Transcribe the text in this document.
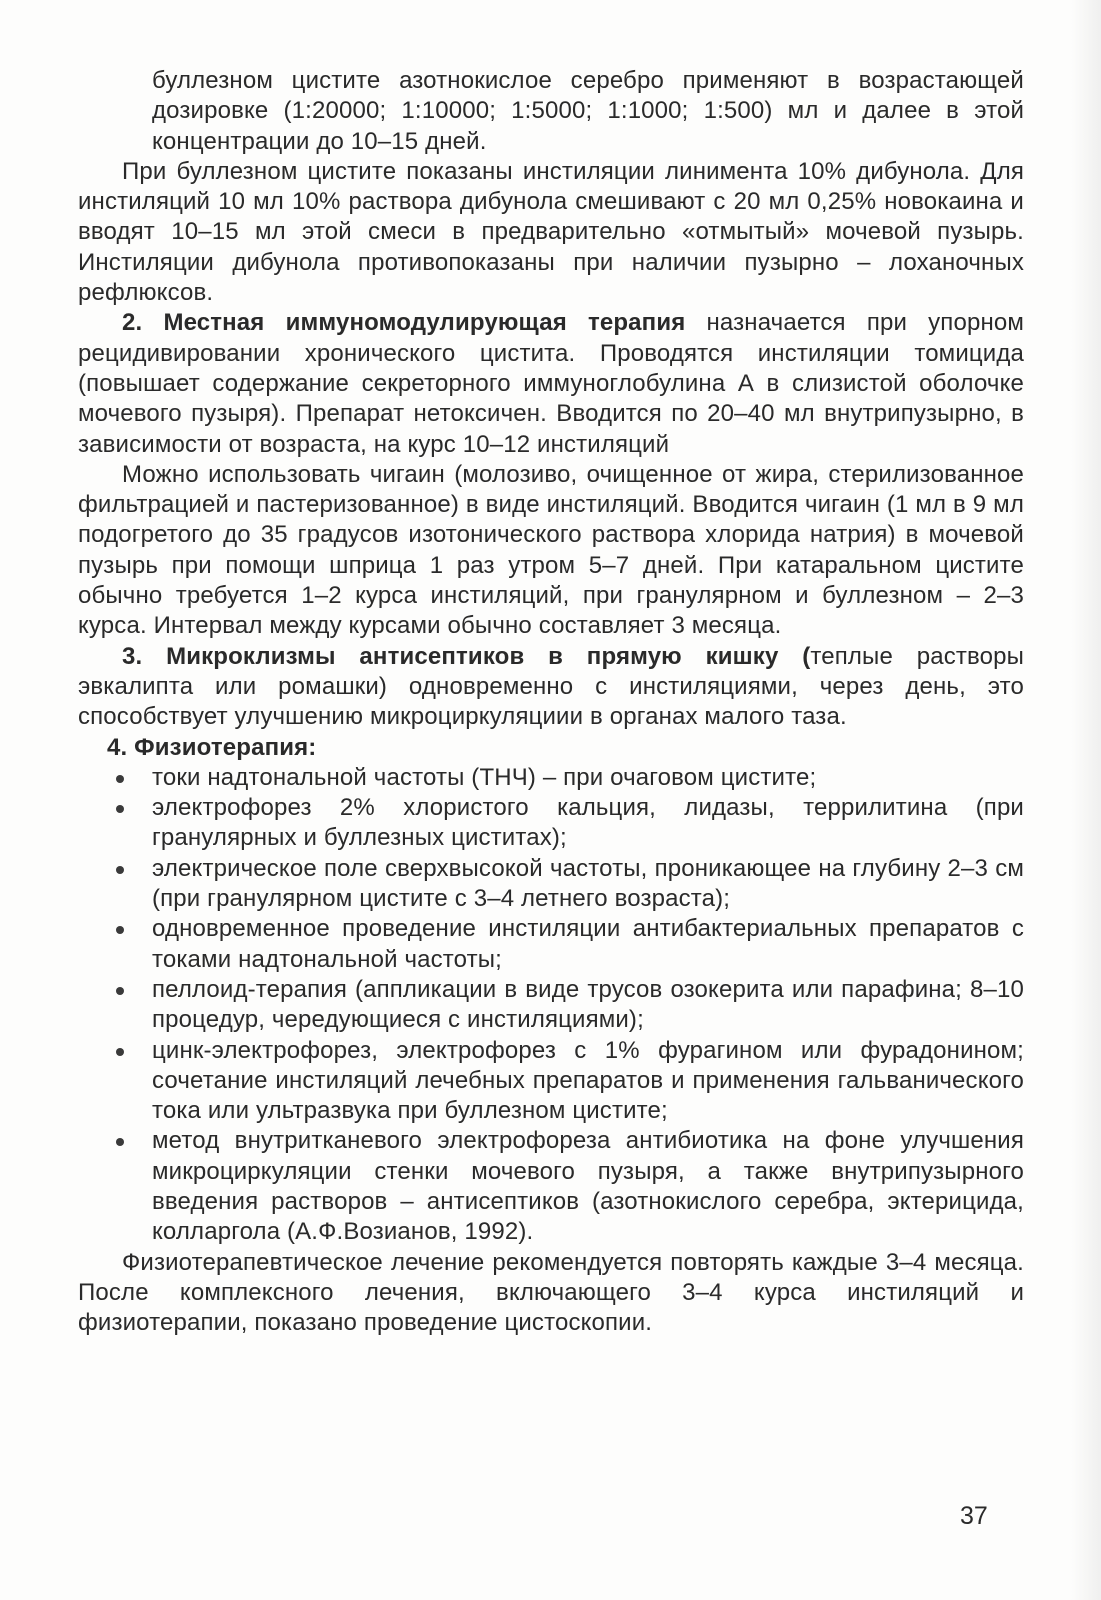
буллезном цистите азотнокислое серебро применяют в возрастающей дозировке (1:20000; 1:10000; 1:5000; 1:1000; 1:500) мл и далее в этой концентрации до 10–15 дней.

При буллезном цистите показаны инстиляции линимента 10% дибунола. Для инстиляций 10 мл 10% раствора дибунола смешивают с 20 мл 0,25% новокаина и вводят 10–15 мл этой смеси в предварительно «отмытый» мочевой пузырь. Инстиляции дибунола противопоказаны при наличии пузырно – лоханочных рефлюксов.

2. Местная иммуномодулирующая терапия назначается при упорном рецидивировании хронического цистита. Проводятся инстиляции томицида (повышает содержание секреторного иммуноглобулина А в слизистой оболочке мочевого пузыря). Препарат нетоксичен. Вводится по 20–40 мл внутрипузырно, в зависимости от возраста, на курс 10–12 инстиляций

Можно использовать чигаин (молозиво, очищенное от жира, стерилизованное фильтрацией и пастеризованное) в виде инстиляций. Вводится чигаин (1 мл в 9 мл подогретого до 35 градусов изотонического раствора хлорида натрия) в мочевой пузырь при помощи шприца 1 раз утром 5–7 дней. При катаральном цистите обычно требуется 1–2 курса инстиляций, при гранулярном и буллезном – 2–3 курса. Интервал между курсами обычно составляет 3 месяца.

3. Микроклизмы антисептиков в прямую кишку (теплые растворы эвкалипта или ромашки) одновременно с инстиляциями, через день, это способствует улучшению микроциркуляциии в органах малого таза.

4. Физиотерапия:

токи надтональной частоты (ТНЧ) – при очаговом цистите;
электрофорез 2% хлористого кальция, лидазы, террилитина (при гранулярных и буллезных циститах);
электрическое поле сверхвысокой частоты, проникающее на глубину 2–3 см (при гранулярном цистите с 3–4 летнего возраста);
одновременное проведение инстиляции антибактериальных препаратов с токами надтональной частоты;
пеллоид-терапия (аппликации в виде трусов озокерита или парафина; 8–10 процедур, чередующиеся с инстиляциями);
цинк-электрофорез, электрофорез с 1% фурагином или фурадонином; сочетание инстиляций лечебных препаратов и применения гальванического тока или ультразвука при буллезном цистите;
метод внутритканевого электрофореза антибиотика на фоне улучшения микроциркуляции стенки мочевого пузыря, а также внутрипузырного введения растворов – антисептиков (азотнокислого серебра, эктерицида, колларгола (А.Ф.Возианов, 1992).

Физиотерапевтическое лечение рекомендуется повторять каждые 3–4 месяца. После комплексного лечения, включающего 3–4 курса инстиляций и физиотерапии, показано проведение цистоскопии.

37
